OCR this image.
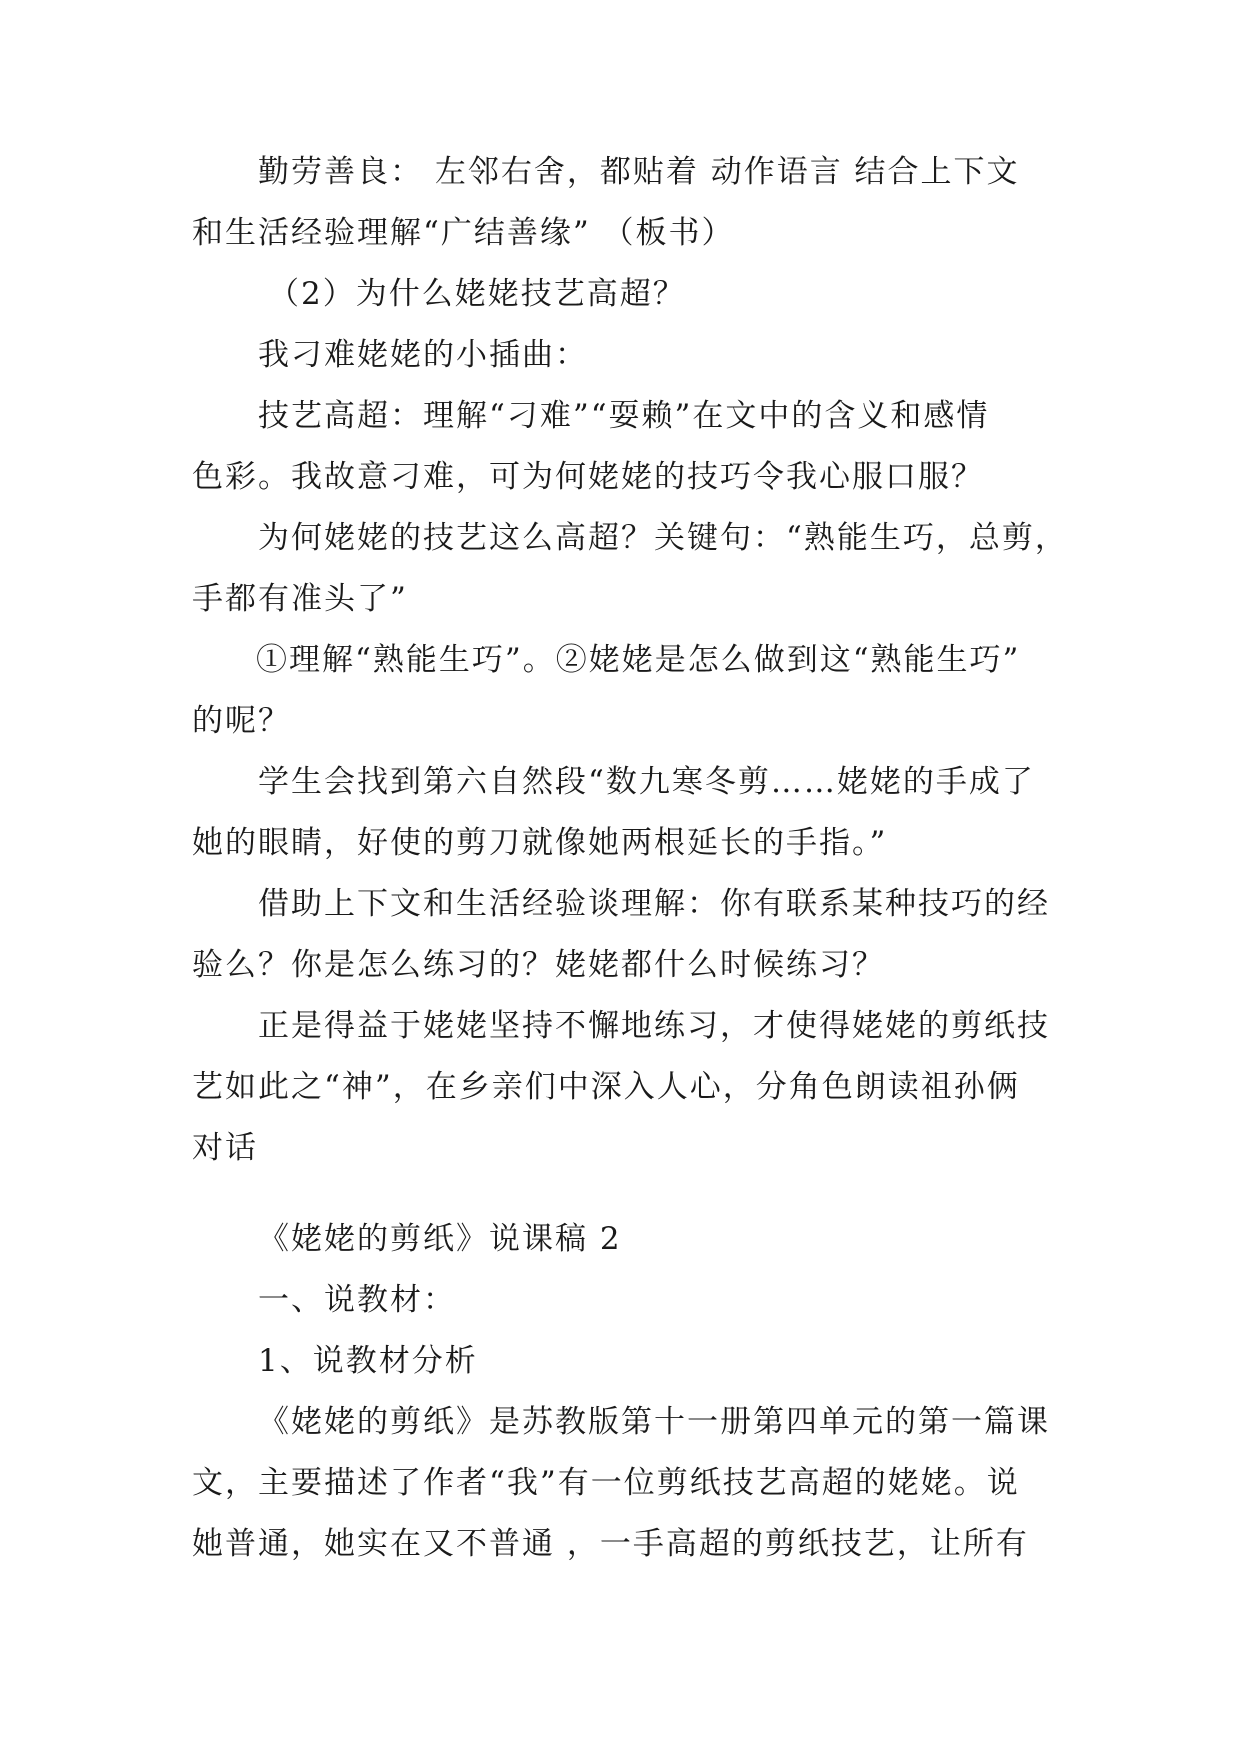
勤劳善良： 左邻右舍，都贴着 动作语言 结合上下文
和生活经验理解“广结善缘” （板书）
（2）为什么姥姥技艺高超？
我刁难姥姥的小插曲：
技艺高超：理解“刁难”“耍赖”在文中的含义和感情
色彩。我故意刁难，可为何姥姥的技巧令我心服口服？
为何姥姥的技艺这么高超？关键句：“熟能生巧，总剪，
手都有准头了”
①理解“熟能生巧”。②姥姥是怎么做到这“熟能生巧”
的呢？
学生会找到第六自然段“数九寒冬剪……姥姥的手成了
她的眼睛，好使的剪刀就像她两根延长的手指。”
借助上下文和生活经验谈理解：你有联系某种技巧的经
验么？你是怎么练习的？姥姥都什么时候练习？
正是得益于姥姥坚持不懈地练习，才使得姥姥的剪纸技
艺如此之“神”，在乡亲们中深入人心，分角色朗读祖孙俩
对话
《姥姥的剪纸》说课稿 2
一、说教材：
1、说教材分析
《姥姥的剪纸》是苏教版第十一册第四单元的第一篇课
文，主要描述了作者“我”有一位剪纸技艺高超的姥姥。说
她普通，她实在又不普通 ，一手高超的剪纸技艺，让所有
